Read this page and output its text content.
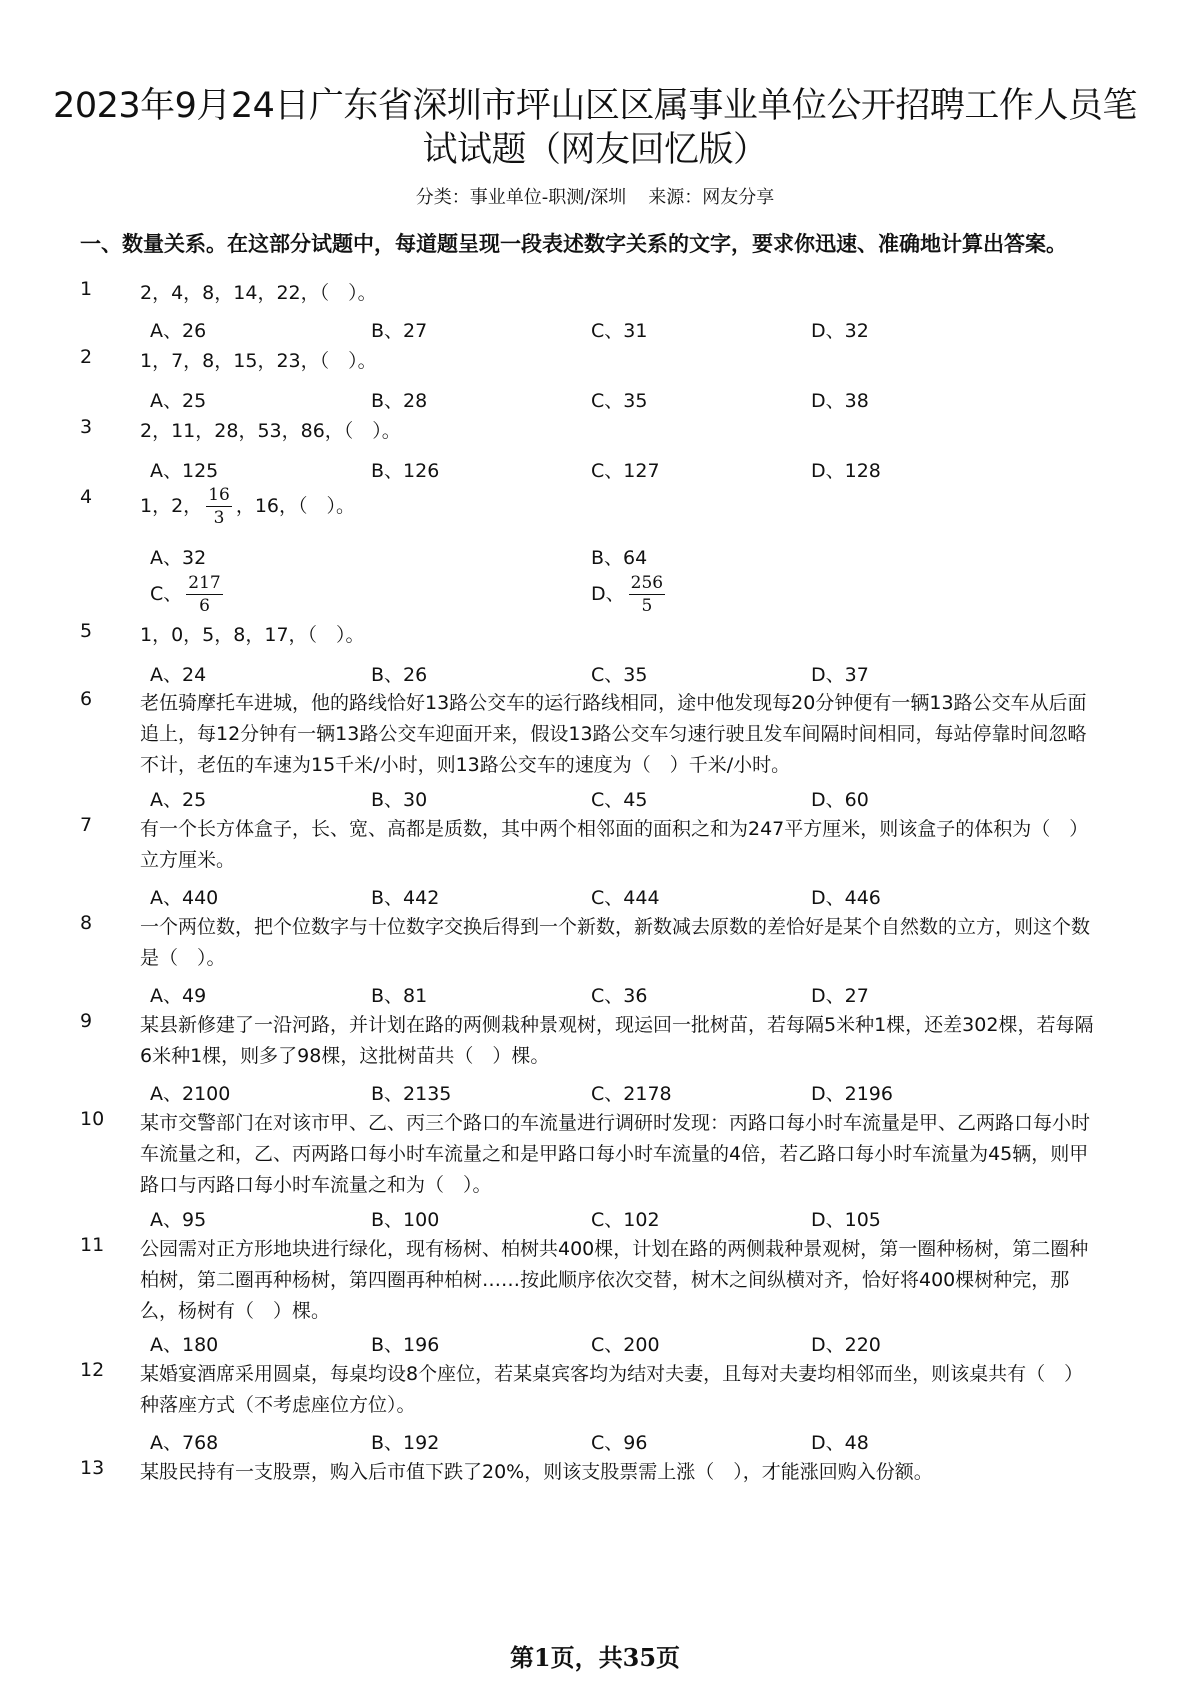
2023年9月24日广东省深圳市坪山区区属事业单位公开招聘工作人员笔试试题（网友回忆版）
分类：事业单位-职测/深圳 来源：网友分享
一、数量关系。在这部分试题中，每道题呈现一段表述数字关系的文字，要求你迅速、准确地计算出答案。
1	2，4，8，14，22，（　）。
A、26	B、27	C、31	D、32
2	1，7，8，15，23，（　）。
A、25	B、28	C、35	D、38
3	2，11，28，53，86，（　）。
A、125	B、126	C、127	D、128
4	1，2， $\frac{16}{3}$ ，16，（　）。
A、32	B、64
C、 $\frac{217}{6}$	D、 $\frac{256}{5}$
5	1，0，5，8，17，（　）。
A、24	B、26	C、35	D、37
6	老伍骑摩托车进城，他的路线恰好13路公交车的运行路线相同，途中他发现每20分钟便有一辆13路公交车从后面追上，每12分钟有一辆13路公交车迎面开来，假设13路公交车匀速行驶且发车间隔时间相同，每站停靠时间忽略不计，老伍的车速为15千米/小时，则13路公交车的速度为（　）千米/小时。
A、25	B、30	C、45	D、60
7	有一个长方体盒子，长、宽、高都是质数，其中两个相邻面的面积之和为247平方厘米，则该盒子的体积为（　）立方厘米。
A、440	B、442	C、444	D、446
8	一个两位数，把个位数字与十位数字交换后得到一个新数，新数减去原数的差恰好是某个自然数的立方，则这个数是（　）。
A、49	B、81	C、36	D、27
9	某县新修建了一沿河路，并计划在路的两侧栽种景观树，现运回一批树苗，若每隔5米种1棵，还差302棵，若每隔6米种1棵，则多了98棵，这批树苗共（　）棵。
A、2100	B、2135	C、2178	D、2196
10 某市交警部门在对该市甲、乙、丙三个路口的车流量进行调研时发现：丙路口每小时车流量是甲、乙两路口每小时车流量之和，乙、丙两路口每小时车流量之和是甲路口每小时车流量的4倍，若乙路口每小时车流量为45辆，则甲路口与丙路口每小时车流量之和为（　）。
A、95	B、100	C、102	D、105
11 公园需对正方形地块进行绿化，现有杨树、柏树共400棵，计划在路的两侧栽种景观树，第一圈种杨树，第二圈种柏树，第二圈再种杨树，第四圈再种柏树……按此顺序依次交替，树木之间纵横对齐，恰好将400棵树种完，那么，杨树有（　）棵。
A、180	B、196	C、200	D、220
12 某婚宴酒席采用圆桌，每桌均设8个座位，若某桌宾客均为结对夫妻，且每对夫妻均相邻而坐，则该桌共有（　）种落座方式（不考虑座位方位）。
A、768	B、192	C、96	D、48
13 某股民持有一支股票，购入后市值下跌了20%，则该支股票需上涨（　），才能涨回购入份额。
第1页，共35页
